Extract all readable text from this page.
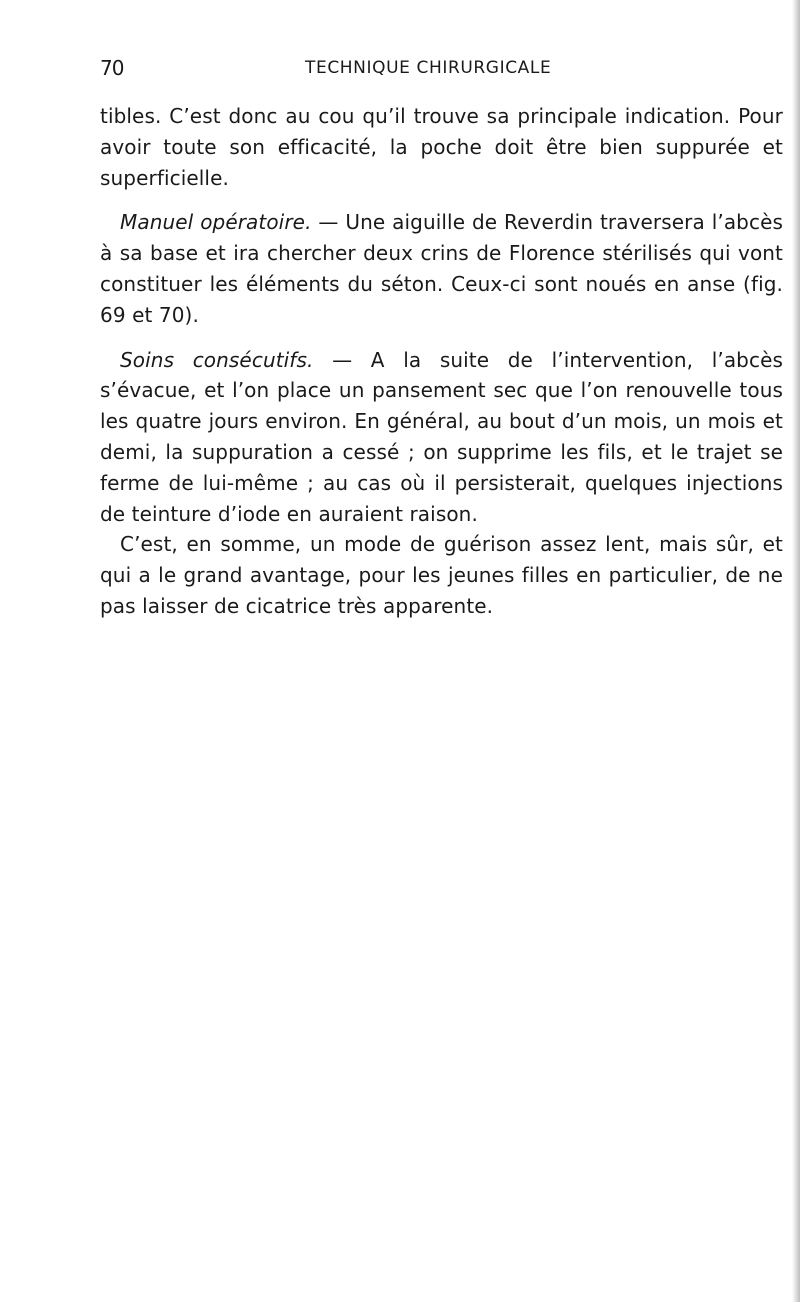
70	TECHNIQUE CHIRURGICALE

tibles. C’est donc au cou qu’il trouve sa principale indication. Pour avoir toute son efficacité, la poche doit être bien suppurée et superficielle.

Manuel opératoire. — Une aiguille de Reverdin traversera l’abcès à sa base et ira chercher deux crins de Florence stérilisés qui vont constituer les éléments du séton. Ceux-ci sont noués en anse (fig. 69 et 70).

Soins consécutifs. — A la suite de l’intervention, l’abcès s’évacue, et l’on place un pansement sec que l’on renouvelle tous les quatre jours environ. En général, au bout d’un mois, un mois et demi, la suppuration a cessé ; on supprime les fils, et le trajet se ferme de lui-même ; au cas où il persisterait, quelques injections de teinture d’iode en auraient raison.

C’est, en somme, un mode de guérison assez lent, mais sûr, et qui a le grand avantage, pour les jeunes filles en particulier, de ne pas laisser de cicatrice très apparente.
